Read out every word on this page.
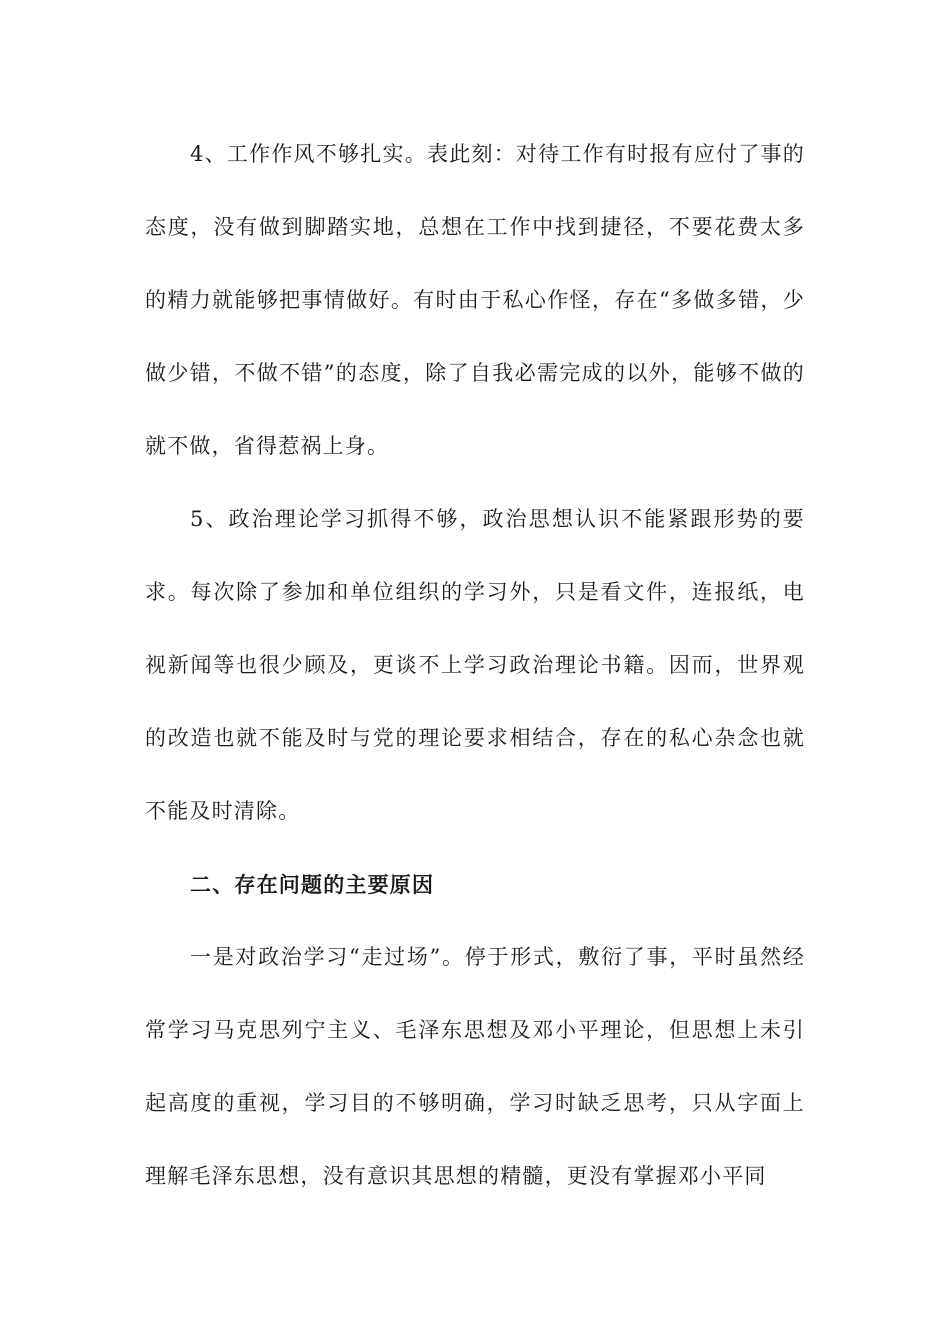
4、工作作风不够扎实。表此刻：对待工作有时报有应付了事的态度，没有做到脚踏实地，总想在工作中找到捷径，不要花费太多的精力就能够把事情做好。有时由于私心作怪，存在“多做多错，少做少错，不做不错”的态度，除了自我必需完成的以外，能够不做的就不做，省得惹祸上身。

5、政治理论学习抓得不够，政治思想认识不能紧跟形势的要求。每次除了参加和单位组织的学习外，只是看文件，连报纸，电视新闻等也很少顾及，更谈不上学习政治理论书籍。因而，世界观的改造也就不能及时与党的理论要求相结合，存在的私心杂念也就不能及时清除。

二、存在问题的主要原因

一是对政治学习“走过场”。停于形式，敷衍了事，平时虽然经常学习马克思列宁主义、毛泽东思想及邓小平理论，但思想上未引起高度的重视，学习目的不够明确，学习时缺乏思考，只从字面上理解毛泽东思想，没有意识其思想的精髓，更没有掌握邓小平同
